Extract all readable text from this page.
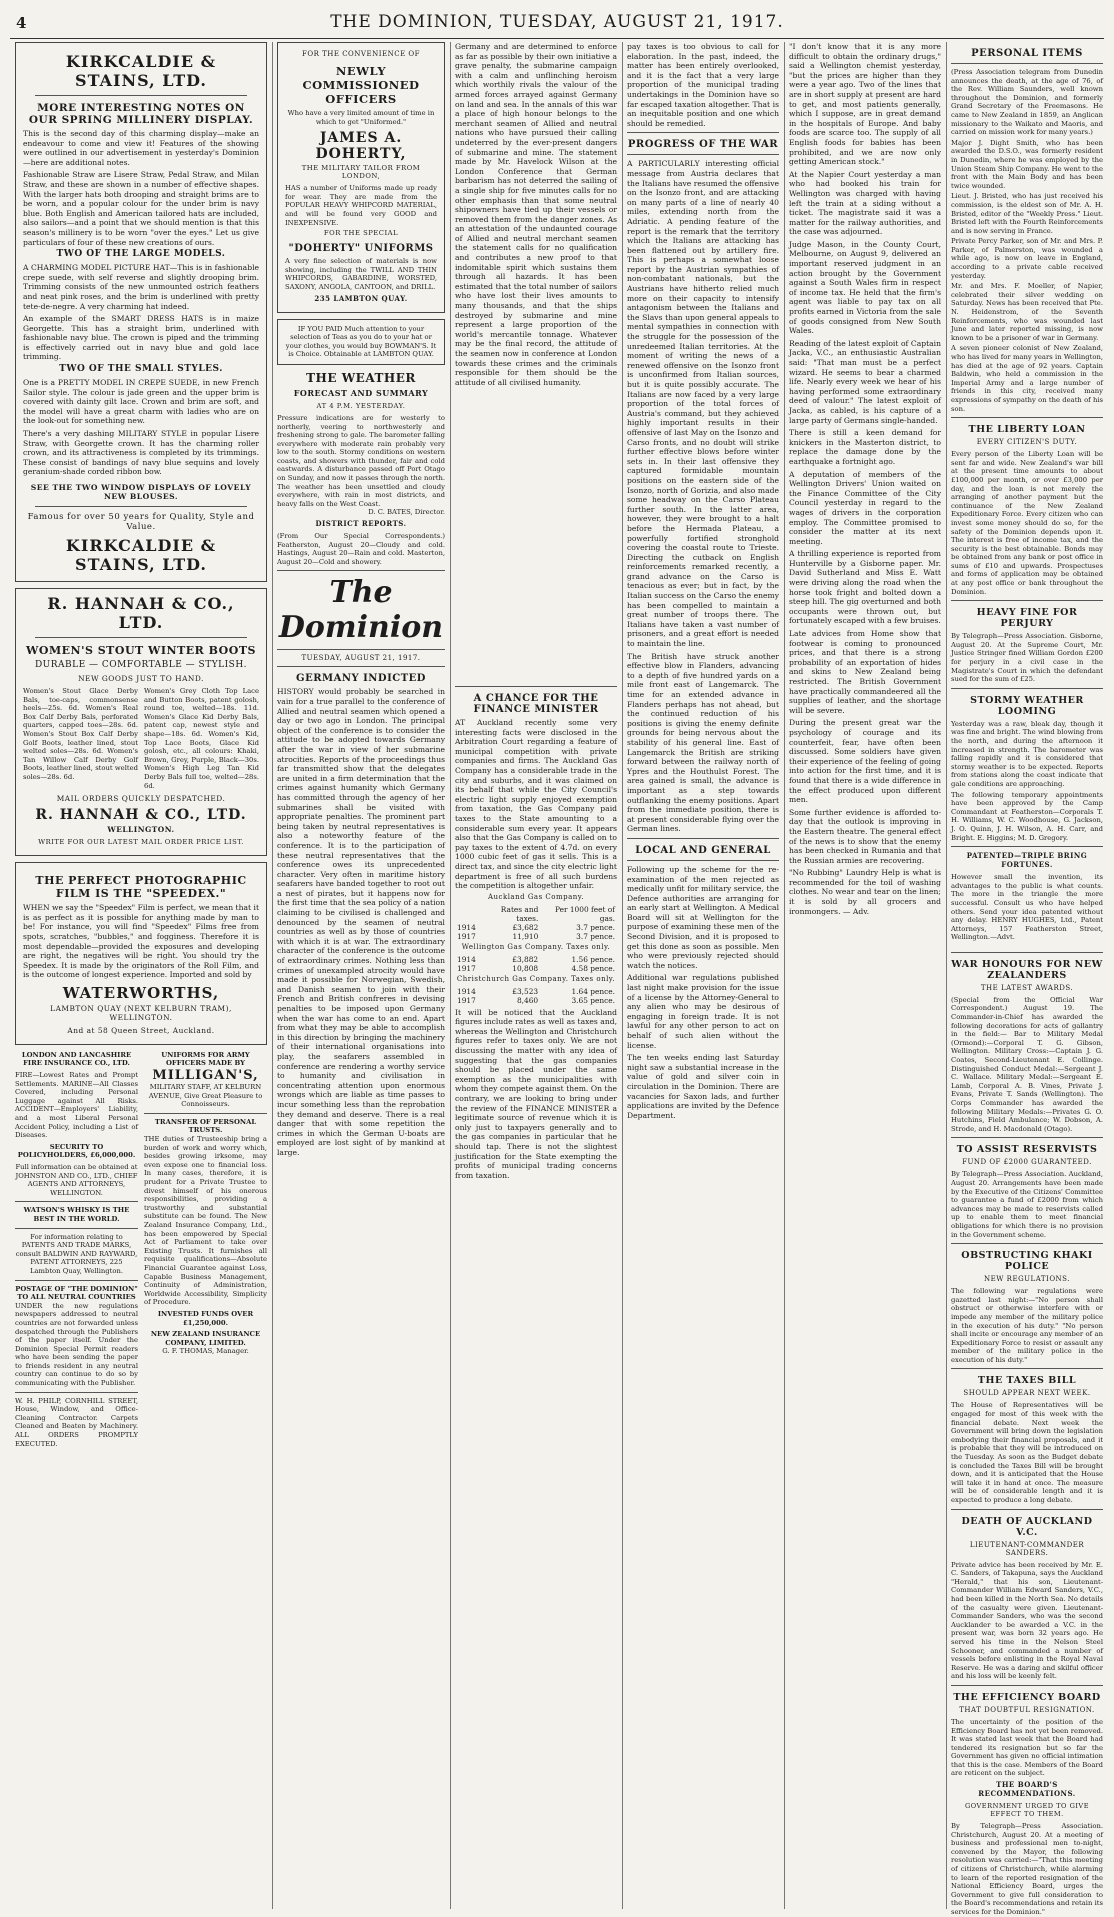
4	THE DOMINION, TUESDAY, AUGUST 21, 1917.
KIRKCALDIE & STAINS, LTD.
MORE INTERESTING NOTES ON OUR SPRING MILLINERY DISPLAY.
This is the second day of this charming display—make an endeavour to come and view it! Features of the showing were outlined in our advertisement in yesterday's Dominion—here are additional notes.
Fashionable Straw are Lisere Straw, Pedal Straw, and Milan Straw, and these are shown in a number of effective shapes. With the larger hats both drooping and straight brims are to be worn, and a popular colour for the under brim is navy blue. Both English and American tailored hats are included, also sailors—and a point that we should mention is that this season's millinery is to be worn "over the eyes." Let us give particulars of four of these new creations of ours.
TWO OF THE LARGE MODELS.
A CHARMING MODEL PICTURE HAT—This is in fashionable crepe suede, with self reverse and slightly drooping brim. Trimming consists of the new unmounted ostrich feathers and neat pink roses, and the brim is underlined with pretty tete-de-negre. A very charming hat indeed.
An example of the SMART DRESS HATS is in maize Georgette. This has a straight brim, underlined with fashionable navy blue. The crown is piped and the trimming is effectively carried out in navy blue and gold lace trimming.
TWO OF THE SMALL STYLES.
One is a PRETTY MODEL IN CREPE SUEDE, in new French Sailor style. The colour is jade green and the upper brim is covered with dainty gilt lace. Crown and brim are soft, and the model will have a great charm with ladies who are on the look-out for something new.
There's a very dashing MILITARY STYLE in popular Lisere Straw, with Georgette crown. It has the charming roller crown, and its attractiveness is completed by its trimmings. These consist of bandings of navy blue sequins and lovely geranium-shade corded ribbon bow.
SEE THE TWO WINDOW DISPLAYS OF LOVELY NEW BLOUSES.
Famous for over 50 years for Quality, Style and Value.
KIRKCALDIE & STAINS, LTD.
R. HANNAH & CO., LTD.
WOMEN'S STOUT WINTER BOOTS
DURABLE — COMFORTABLE — STYLISH.
NEW GOODS JUST TO HAND.
Women's Stout Glace Derby Bals, toe-caps, commonsense heels—25s. 6d. Women's Real Box Calf Derby Bals, perforated quarters, capped toes—28s. 6d. Women's Stout Box Calf Derby Golf Boots, leather lined, stout welted soles—28s. 6d. Women's Tan Willow Calf Derby Golf Boots, leather lined, stout welted soles—28s. 6d.
Women's Grey Cloth Top Lace and Button Boots, patent golosh, round toe, welted—18s. 11d. Women's Glace Kid Derby Bals, patent cap, newest style and shape—18s. 6d. Women's Kid, Top Lace Boots, Glace Kid golosh, etc., all colours: Khaki, Brown, Grey, Purple, Black—30s. Women's High Leg Tan Kid Derby Bals full toe, welted—28s. 6d.
MAIL ORDERS QUICKLY DESPATCHED.
R. HANNAH & CO., LTD.
WELLINGTON.
WRITE FOR OUR LATEST MAIL ORDER PRICE LIST.
THE PERFECT PHOTOGRAPHIC FILM IS THE "SPEEDEX."
WHEN we say the "Speedex" Film is perfect, we mean that it is as perfect as it is possible for anything made by man to be! For instance, you will find "Speedex" Films free from spots, scratches, "bubbles," and fogginess. Therefore it is most dependable—provided the exposures and developing are right, the negatives will be right. You should try the Speedex. It is made by the originators of the Roll Film, and is the outcome of longest experience. Imported and sold by
WATERWORTHS,
LAMBTON QUAY (NEXT KELBURN TRAM), WELLINGTON.
And at 58 Queen Street, Auckland.
LONDON AND LANCASHIRE FIRE INSURANCE CO., LTD.
FIRE—Lowest Rates and Prompt Settlements. MARINE—All Classes Covered, including Personal Luggage against All Risks. ACCIDENT—Employers' Liability, and a most Liberal Personal Accident Policy, including a List of Diseases.
SECURITY TO POLICYHOLDERS, £6,000,000.
Full information can be obtained at JOHNSTON AND CO., LTD., CHIEF AGENTS AND ATTORNEYS, WELLINGTON.
WATSON'S WHISKY IS THE BEST IN THE WORLD.
For information relating to PATENTS AND TRADE MARKS, consult BALDWIN AND RAYWARD, PATENT ATTORNEYS, 225 Lambton Quay, Wellington.
POSTAGE OF "THE DOMINION" TO ALL NEUTRAL COUNTRIES
UNDER the new regulations newspapers addressed to neutral countries are not forwarded unless despatched through the Publishers of the paper itself. Under the Dominion Special Permit readers who have been sending the paper to friends resident in any neutral country can continue to do so by communicating with the Publisher.
W. H. PHILP, CORNHILL STREET, House, Window, and Office-Cleaning Contractor. Carpets Cleaned and Beaten by Machinery. ALL ORDERS PROMPTLY EXECUTED.
UNIFORMS FOR ARMY OFFICERS MADE BY
MILLIGAN'S,
MILITARY STAFF, AT KELBURN AVENUE, Give Great Pleasure to Connoisseurs.
TRANSFER OF PERSONAL TRUSTS.
THE duties of Trusteeship bring a burden of work and worry which, besides growing irksome, may even expose one to financial loss. In many cases, therefore, it is prudent for a Private Trustee to divest himself of his onerous responsibilities, providing a trustworthy and substantial substitute can be found. The New Zealand Insurance Company, Ltd., has been empowered by Special Act of Parliament to take over Existing Trusts. It furnishes all requisite qualifications—Absolute Financial Guarantee against Loss, Capable Business Management, Continuity of Administration, Worldwide Accessibility, Simplicity of Procedure.
INVESTED FUNDS OVER £1,250,000.
NEW ZEALAND INSURANCE COMPANY, LIMITED.
G. F. THOMAS, Manager.
FOR THE CONVENIENCE OF
NEWLY COMMISSIONED OFFICERS
Who have a very limited amount of time in which to get "Uniformed."
JAMES A. DOHERTY,
THE MILITARY TAILOR FROM LONDON,
HAS a number of Uniforms made up ready for wear. They are made from the POPULAR HEAVY WHIPCORD MATERIAL, and will be found very GOOD and INEXPENSIVE.
FOR THE SPECIAL
"DOHERTY" UNIFORMS
A very fine selection of materials is now showing, including the TWILL AND THIN WHIPCORDS, GABARDINE, WORSTED, SAXONY, ANGOLA, CANTOON, and DRILL.
235 LAMBTON QUAY.
IF YOU PAID Much attention to your selection of Teas as you do to your hat or your clothes, you would buy BOWMAN'S. It is Choice. Obtainable at LAMBTON QUAY.
THE WEATHER
FORECAST AND SUMMARY
AT 4 P.M. YESTERDAY.
Pressure indications are for westerly to northerly, veering to northwesterly and freshening strong to gale. The barometer falling everywhere with moderate rain probably very low to the south. Stormy conditions on western coasts, and showers with thunder, fair and cold eastwards. A disturbance passed off Port Otago on Sunday, and now it passes through the north. The weather has been unsettled and cloudy everywhere, with rain in most districts, and heavy falls on the West Coast.
D. C. BATES, Director.
DISTRICT REPORTS.
(From Our Special Correspondents.) Featherston, August 20—Cloudy and cold. Hastings, August 20—Rain and cold. Masterton, August 20—Cold and showery.
The Dominion
TUESDAY, AUGUST 21, 1917.
GERMANY INDICTED
HISTORY would probably be searched in vain for a true parallel to the conference of Allied and neutral seamen which opened a day or two ago in London. The principal object of the conference is to consider the attitude to be adopted towards Germany after the war in view of her submarine atrocities. Reports of the proceedings thus far transmitted show that the delegates are united in a firm determination that the crimes against humanity which Germany has committed through the agency of her submarines shall be visited with appropriate penalties. The prominent part being taken by neutral representatives is also a noteworthy feature of the conference. It is to the participation of these neutral representatives that the conference owes its unprecedented character. Very often in maritime history seafarers have banded together to root out a nest of pirates, but it happens now for the first time that the sea policy of a nation claiming to be civilised is challenged and denounced by the seamen of neutral countries as well as by those of countries with which it is at war. The extraordinary character of the conference is the outcome of extraordinary crimes. Nothing less than crimes of unexampled atrocity would have made it possible for Norwegian, Swedish, and Danish seamen to join with their French and British confreres in devising penalties to be imposed upon Germany when the war has come to an end. Apart from what they may be able to accomplish in this direction by bringing the machinery of their international organisations into play, the seafarers assembled in conference are rendering a worthy service to humanity and civilisation in concentrating attention upon enormous wrongs which are liable as time passes to incur something less than the reprobation they demand and deserve. There is a real danger that with some repetition the crimes in which the German U-boats are employed are lost sight of by mankind at large.
Germany and are determined to enforce as far as possible by their own initiative a grave penalty, the submarine campaign with a calm and unflinching heroism which worthily rivals the valour of the armed forces arrayed against Germany on land and sea. In the annals of this war a place of high honour belongs to the merchant seamen of Allied and neutral nations who have pursued their calling undeterred by the ever-present dangers of submarine and mine. The statement made by Mr. Havelock Wilson at the London Conference that German barbarism has not deterred the sailing of a single ship for five minutes calls for no other emphasis than that some neutral shipowners have tied up their vessels or removed them from the danger zones. As an attestation of the undaunted courage of Allied and neutral merchant seamen the statement calls for no qualification and contributes a new proof to that indomitable spirit which sustains them through all hazards. It has been estimated that the total number of sailors who have lost their lives amounts to many thousands, and that the ships destroyed by submarine and mine represent a large proportion of the world's mercantile tonnage. Whatever may be the final record, the attitude of the seamen now in conference at London towards these crimes and the criminals responsible for them should be the attitude of all civilised humanity.
A CHANCE FOR THE FINANCE MINISTER
AT Auckland recently some very interesting facts were disclosed in the Arbitration Court regarding a feature of municipal competition with private companies and firms. The Auckland Gas Company has a considerable trade in the city and suburbs, and it was claimed on its behalf that while the City Council's electric light supply enjoyed exemption from taxation, the Gas Company paid taxes to the State amounting to a considerable sum every year. It appears also that the Gas Company is called on to pay taxes to the extent of 4.7d. on every 1000 cubic feet of gas it sells. This is a direct tax, and since the city electric light department is free of all such burdens the competition is altogether unfair.
Auckland Gas Company.
	Rates and taxes.	Per 1000 feet of gas.
1914	£3,682	3.7 pence.
1917	11,910	3.7 pence.
Wellington Gas Company. Taxes only.
1914	£3,882	1.56 pence.
1917	10,808	4.58 pence.
Christchurch Gas Company. Taxes only.
1914	£3,523	1.64 pence.
1917	8,460	3.65 pence.
It will be noticed that the Auckland figures include rates as well as taxes and, whereas the Wellington and Christchurch figures refer to taxes only. We are not discussing the matter with any idea of suggesting that the gas companies should be placed under the same exemption as the municipalities with whom they compete against them. On the contrary, we are looking to bring under the review of the FINANCE MINISTER a legitimate source of revenue which it is only just to taxpayers generally and to the gas companies in particular that he should tap. There is not the slightest justification for the State exempting the profits of municipal trading concerns from taxation.
pay taxes is too obvious to call for elaboration. In the past, indeed, the matter has been entirely overlooked, and it is the fact that a very large proportion of the municipal trading undertakings in the Dominion have so far escaped taxation altogether. That is an inequitable position and one which should be remedied.
PROGRESS OF THE WAR
A PARTICULARLY interesting official message from Austria declares that the Italians have resumed the offensive on the Isonzo front, and are attacking on many parts of a line of nearly 40 miles, extending north from the Adriatic. A pending feature of the report is the remark that the territory which the Italians are attacking has been flattened out by artillery fire. This is perhaps a somewhat loose report by the Austrian sympathies of non-combatant nationals, but the Austrians have hitherto relied much more on their capacity to intensify antagonism between the Italians and the Slavs than upon general appeals to mental sympathies in connection with the struggle for the possession of the unredeemed Italian territories. At the moment of writing the news of a renewed offensive on the Isonzo front is unconfirmed from Italian sources, but it is quite possibly accurate. The Italians are now faced by a very large proportion of the total forces of Austria's command, but they achieved highly important results in their offensive of last May on the Isonzo and Carso fronts, and no doubt will strike further effective blows before winter sets in. In their last offensive they captured formidable mountain positions on the eastern side of the Isonzo, north of Gorizia, and also made some headway on the Carso Plateau further south. In the latter area, however, they were brought to a halt before the Hermada Plateau, a powerfully fortified stronghold covering the coastal route to Trieste. Directing the cutback on English reinforcements remarked recently, a grand advance on the Carso is tenacious as ever; but in fact, by the Italian success on the Carso the enemy has been compelled to maintain a great number of troops there. The Italians have taken a vast number of prisoners, and a great effort is needed to maintain the line.
The British have struck another effective blow in Flanders, advancing to a depth of five hundred yards on a mile front east of Langemarck. The time for an extended advance in Flanders perhaps has not ahead, but the continued reduction of his positions is giving the enemy definite grounds for being nervous about the stability of his general line. East of Langemarck the British are striking forward between the railway north of Ypres and the Houthulst Forest. The area gained is small, the advance is important as a step towards outflanking the enemy positions. Apart from the immediate position, there is at present considerable flying over the German lines.
LOCAL AND GENERAL
Following up the scheme for the re-examination of the men rejected as medically unfit for military service, the Defence authorities are arranging for an early start at Wellington. A Medical Board will sit at Wellington for the purpose of examining these men of the Second Division, and it is proposed to get this done as soon as possible. Men who were previously rejected should watch the notices.
Additional war regulations published last night make provision for the issue of a license by the Attorney-General to any alien who may be desirous of engaging in foreign trade. It is not lawful for any other person to act on behalf of such alien without the license.
The ten weeks ending last Saturday night saw a substantial increase in the value of gold and silver coin in circulation in the Dominion. There are vacancies for Saxon lads, and further applications are invited by the Defence Department.
"I don't know that it is any more difficult to obtain the ordinary drugs," said a Wellington chemist yesterday, "but the prices are higher than they were a year ago. Two of the lines that are in short supply at present are hard to get, and most patients generally, which I suppose, are in great demand in the hospitals of Europe. And baby foods are scarce too. The supply of all English foods for babies has been prohibited, and we are now only getting American stock."
At the Napier Court yesterday a man who had booked his train for Wellington was charged with having left the train at a siding without a ticket. The magistrate said it was a matter for the railway authorities, and the case was adjourned.
Judge Mason, in the County Court, Melbourne, on August 9, delivered an important reserved judgment in an action brought by the Government against a South Wales firm in respect of income tax. He held that the firm's agent was liable to pay tax on all profits earned in Victoria from the sale of goods consigned from New South Wales.
Reading of the latest exploit of Captain Jacka, V.C., an enthusiastic Australian said: "That man must be a perfect wizard. He seems to bear a charmed life. Nearly every week we hear of his having performed some extraordinary deed of valour." The latest exploit of Jacka, as cabled, is his capture of a large party of Germans single-handed.
There is still a keen demand for knickers in the Masterton district, to replace the damage done by the earthquake a fortnight ago.
A deputation of members of the Wellington Drivers' Union waited on the Finance Committee of the City Council yesterday in regard to the wages of drivers in the corporation employ. The Committee promised to consider the matter at its next meeting.
A thrilling experience is reported from Hunterville by a Gisborne paper. Mr. David Sutherland and Miss E. Watt were driving along the road when the horse took fright and bolted down a steep hill. The gig overturned and both occupants were thrown out, but fortunately escaped with a few bruises.
Late advices from Home show that footwear is coming to pronounced prices, and that there is a strong probability of an exportation of hides and skins to New Zealand being restricted. The British Government have practically commandeered all the supplies of leather, and the shortage will be severe.
During the present great war the psychology of courage and its counterfeit, fear, have often been discussed. Some soldiers have given their experience of the feeling of going into action for the first time, and it is found that there is a wide difference in the effect produced upon different men.
Some further evidence is afforded to-day that the outlook is improving in the Eastern theatre. The general effect of the news is to show that the enemy has been checked in Rumania and that the Russian armies are recovering.
"No Rubbing" Laundry Help is what is recommended for the toil of washing clothes. No wear and tear on the linen; it is sold by all grocers and ironmongers. — Adv.
PERSONAL ITEMS
(Press Association telegram from Dunedin announces the death, at the age of 76, of the Rev. William Saunders, well known throughout the Dominion, and formerly Grand Secretary of the Freemasons. He came to New Zealand in 1859, an Anglican missionary to the Waikato and Maoris, and carried on mission work for many years.)
Major J. Dight Smith, who has been awarded the D.S.O., was formerly resident in Dunedin, where he was employed by the Union Steam Ship Company. He went to the front with the Main Body and has been twice wounded.
Lieut. J. Bristed, who has just received his commission, is the eldest son of Mr. A. H. Bristed, editor of the "Weekly Press." Lieut. Bristed left with the Fourth Reinforcements and is now serving in France.
Private Percy Parker, son of Mr. and Mrs. P. Parker, of Palmerston, was wounded a while ago, is now on leave in England, according to a private cable received yesterday.
Mr. and Mrs. F. Moeller, of Napier, celebrated their silver wedding on Saturday. News has been received that Pte. N. Heidenstrom, of the Seventh Reinforcements, who was wounded last June and later reported missing, is now known to be a prisoner of war in Germany.
A seven pioneer colonist of New Zealand, who has lived for many years in Wellington, has died at the age of 92 years. Captain Baldwin, who held a commission in the Imperial Army and a large number of friends in this city, received many expressions of sympathy on the death of his son.
THE LIBERTY LOAN
EVERY CITIZEN'S DUTY.
Every person of the Liberty Loan will be sent far and wide. New Zealand's war bill at the present time amounts to about £100,000 per month, or over £3,000 per day, and the loan is not merely the arranging of another payment but the continuance of the New Zealand Expeditionary Force. Every citizen who can invest some money should do so, for the safety of the Dominion depends upon it. The interest is free of income tax, and the security is the best obtainable. Bonds may be obtained from any bank or post office in sums of £10 and upwards. Prospectuses and forms of application may be obtained at any post office or bank throughout the Dominion.
HEAVY FINE FOR PERJURY
By Telegraph—Press Association. Gisborne, August 20. At the Supreme Court, Mr. Justice Stringer fined William Gordon £200 for perjury in a civil case in the Magistrate's Court in which the defendant sued for the sum of £25.
STORMY WEATHER LOOMING
Yesterday was a raw, bleak day, though it was fine and bright. The wind blowing from the north, and during the afternoon it increased in strength. The barometer was falling rapidly and it is considered that stormy weather is to be expected. Reports from stations along the coast indicate that gale conditions are approaching.
The following temporary appointments have been approved by the Camp Commandant at Featherston—Corporals T. H. Williams, W. C. Woodhouse, G. Jackson, J. O. Quinn, J. H. Wilson, A. H. Carr, and Bright. E. Higgins; M. D. Gregory.
PATENTED—TRIPLE BRING FORTUNES.
However small the invention, its advantages to the public is what counts. The more in the triangle the more successful. Consult us who have helped others. Send your idea patented without any delay. HENRY HUGHES, Ltd., Patent Attorneys, 157 Featherston Street, Wellington.—Advt.
WAR HONOURS FOR NEW ZEALANDERS
THE LATEST AWARDS.
(Special from the Official War Correspondent.) August 19. The Commander-in-Chief has awarded the following decorations for acts of gallantry in the field:— Bar to Military Medal (Ormond):—Corporal T. G. Gibson, Wellington. Military Cross:—Captain J. G. Coates, Second-Lieutenant E. Collinge. Distinguished Conduct Medal:—Sergeant J. C. Wallace. Military Medal:—Sergeant E. Lamb, Corporal A. B. Vines, Private J. Evans, Private T. Sands (Wellington). The Corps Commander has awarded the following Military Medals:—Privates G. O. Hutchins, Field Ambulance; W. Dobson, A. Strode, and H. Macdonald (Otago).
TO ASSIST RESERVISTS
FUND OF £2000 GUARANTEED.
By Telegraph—Press Association. Auckland, August 20. Arrangements have been made by the Executive of the Citizens' Committee to guarantee a fund of £2000 from which advances may be made to reservists called up to enable them to meet financial obligations for which there is no provision in the Government scheme.
OBSTRUCTING KHAKI POLICE
NEW REGULATIONS.
The following war regulations were gazetted last night:—"No person shall obstruct or otherwise interfere with or impede any member of the military police in the execution of his duty." "No person shall incite or encourage any member of an Expeditionary Force to resist or assault any member of the military police in the execution of his duty."
THE TAXES BILL
SHOULD APPEAR NEXT WEEK.
The House of Representatives will be engaged for most of this week with the financial debate. Next week the Government will bring down the legislation embodying their financial proposals, and it is probable that they will be introduced on the Tuesday. As soon as the Budget debate is concluded the Taxes Bill will be brought down, and it is anticipated that the House will take it in hand at once. The measure will be of considerable length and it is expected to produce a long debate.
DEATH OF AUCKLAND V.C.
LIEUTENANT-COMMANDER SANDERS.
Private advice has been received by Mr. E. C. Sanders, of Takapuna, says the Auckland "Herald," that his son, Lieutenant-Commander William Edward Sanders, V.C., had been killed in the North Sea. No details of the casualty were given. Lieutenant-Commander Sanders, who was the second Aucklander to be awarded a V.C. in the present war, was born 32 years ago. He served his time in the Nelson Steel Schooner, and commanded a number of vessels before enlisting in the Royal Naval Reserve. He was a daring and skilful officer and his loss will be keenly felt.
THE EFFICIENCY BOARD
THAT DOUBTFUL RESIGNATION.
The uncertainty of the position of the Efficiency Board has not yet been removed. It was stated last week that the Board had tendered its resignation but so far the Government has given no official intimation that this is the case. Members of the Board are reticent on the subject.
THE BOARD'S RECOMMENDATIONS.
GOVERNMENT URGED TO GIVE EFFECT TO THEM.
By Telegraph—Press Association. Christchurch, August 20. At a meeting of business and professional men to-night, convened by the Mayor, the following resolution was carried:—"That this meeting of citizens of Christchurch, while alarming to learn of the reported resignation of the National Efficiency Board, urges the Government to give full consideration to the Board's recommendations and retain its services for the Dominion."
